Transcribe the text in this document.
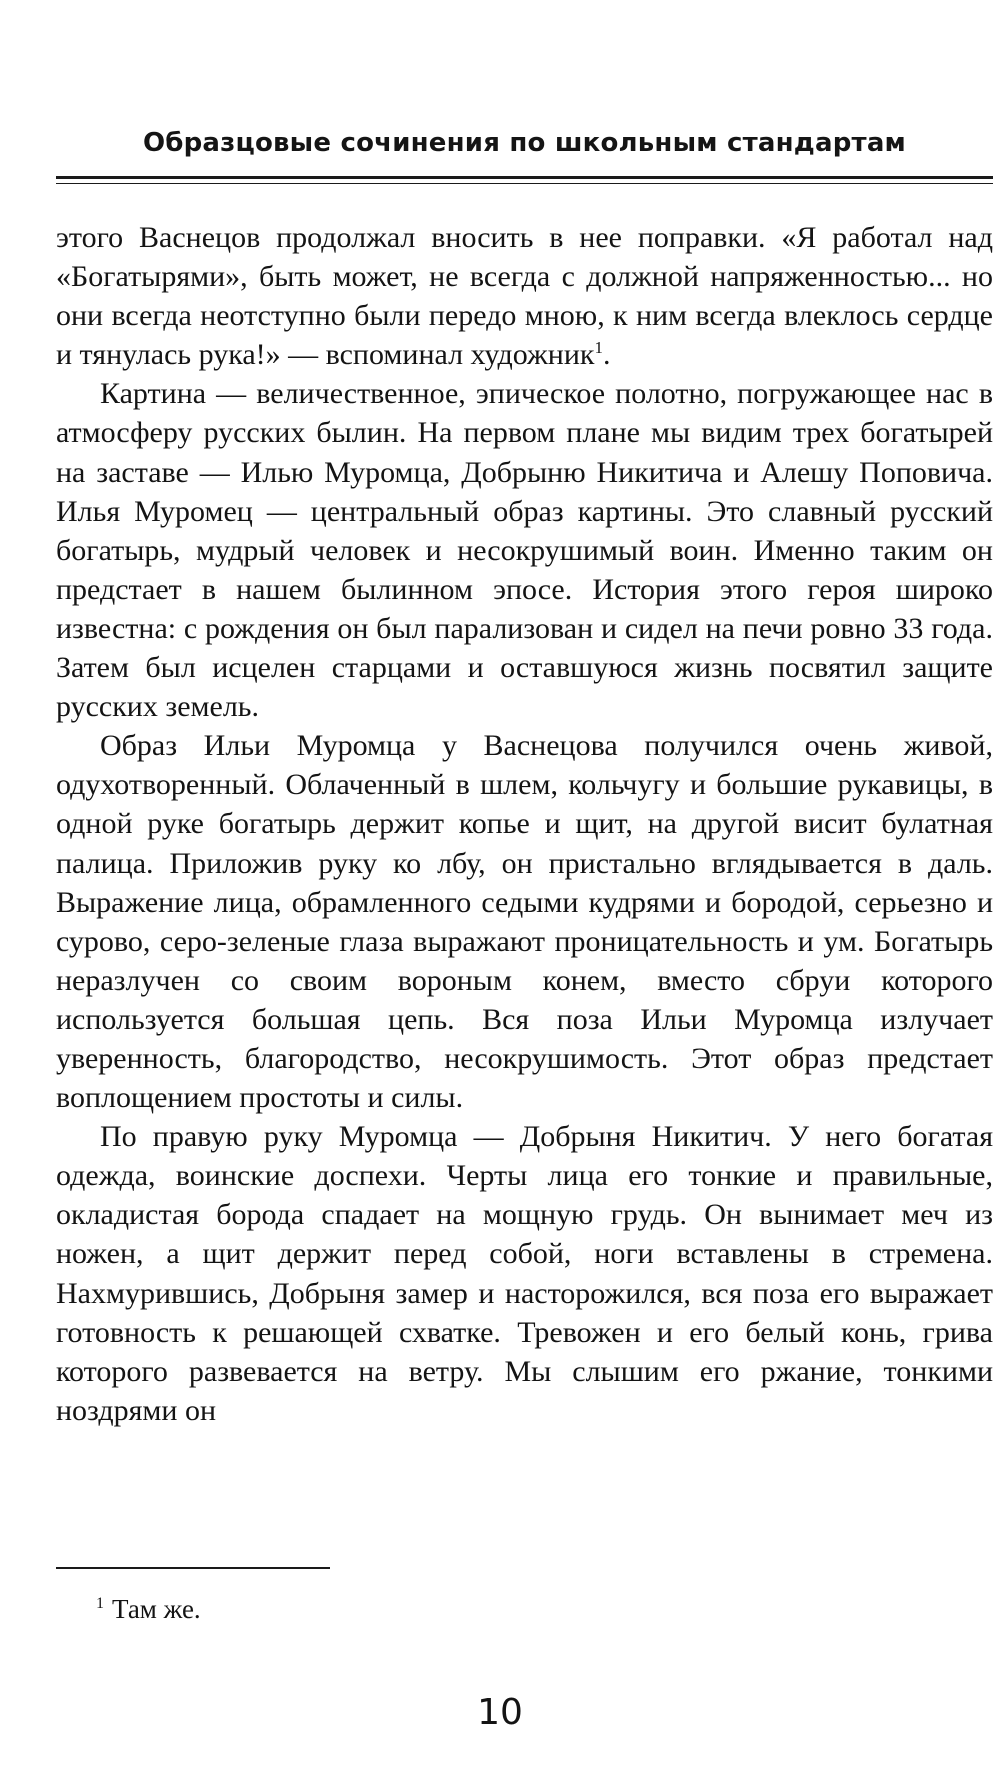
Образцовые сочинения по школьным стандартам

этого Васнецов продолжал вносить в нее поправки. «Я работал над «Богатырями», быть может, не всегда с должной напряженностью... но они всегда неотступно были передо мною, к ним всегда влеклось сердце и тянулась рука!» — вспоминал художник$^1$.

Картина — величественное, эпическое полотно, погружающее нас в атмосферу русских былин. На первом плане мы видим трех богатырей на заставе — Илью Муромца, Добрыню Никитича и Алешу Поповича. Илья Муромец — центральный образ картины. Это славный русский богатырь, мудрый человек и несокрушимый воин. Именно таким он предстает в нашем былинном эпосе. История этого героя широко известна: с рождения он был парализован и сидел на печи ровно 33 года. Затем был исцелен старцами и оставшуюся жизнь посвятил защите русских земель.

Образ Ильи Муромца у Васнецова получился очень живой, одухотворенный. Облаченный в шлем, кольчугу и большие рукавицы, в одной руке богатырь держит копье и щит, на другой висит булатная палица. Приложив руку ко лбу, он пристально вглядывается в даль. Выражение лица, обрамленного седыми кудрями и бородой, серьезно и сурово, серо-зеленые глаза выражают проницательность и ум. Богатырь неразлучен со своим вороным конем, вместо сбруи которого используется большая цепь. Вся поза Ильи Муромца излучает уверенность, благородство, несокрушимость. Этот образ предстает воплощением простоты и силы.

По правую руку Муромца — Добрыня Никитич. У него богатая одежда, воинские доспехи. Черты лица его тонкие и правильные, окладистая борода спадает на мощную грудь. Он вынимает меч из ножен, а щит держит перед собой, ноги вставлены в стремена. Нахмурившись, Добрыня замер и насторожился, вся поза его выражает готовность к решающей схватке. Тревожен и его белый конь, грива которого развевается на ветру. Мы слышим его ржание, тонкими ноздрями он

$^1$ Там же.
10
